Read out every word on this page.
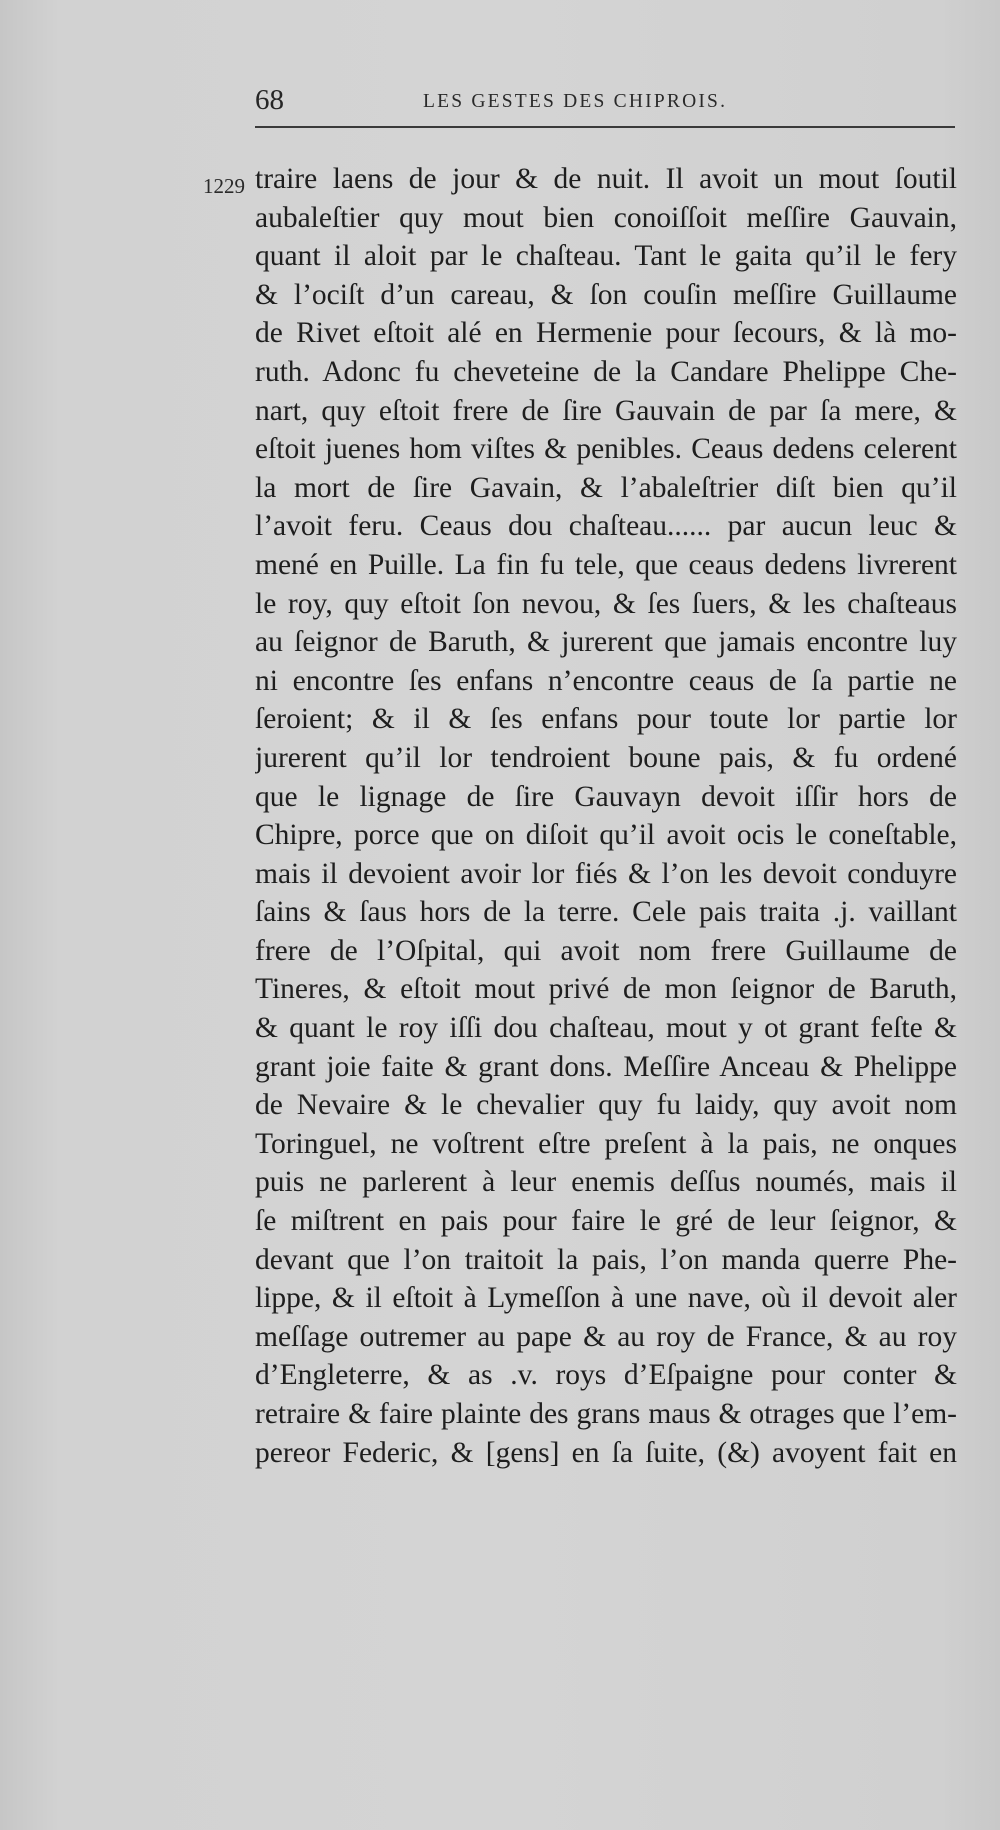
68	LES GESTES DES CHIPROIS.
1229 traire laens de jour & de nuit. Il avoit un mout ſoutil
aubaleſtier quy mout bien conoiſſoit meſſire Gauvain,
quant il aloit par le chaſteau. Tant le gaita qu’il le fery
& l’ociſt d’un careau, & ſon couſin meſſire Guillaume
de Rivet eſtoit alé en Hermenie pour ſecours, & là mo-
ruth. Adonc fu cheveteine de la Candare Phelippe Che-
nart, quy eſtoit frere de ſire Gauvain de par ſa mere, &
eſtoit juenes hom viſtes & penibles. Ceaus dedens celerent
la mort de ſire Gavain, & l’abaleſtrier diſt bien qu’il
l’avoit feru. Ceaus dou chaſteau...... par aucun leuc &
mené en Puille. La fin fu tele, que ceaus dedens livrerent
le roy, quy eſtoit ſon nevou, & ſes ſuers, & les chaſteaus
au ſeignor de Baruth, & jurerent que jamais encontre luy
ni encontre ſes enfans n’encontre ceaus de ſa partie ne
ſeroient; & il & ſes enfans pour toute lor partie lor
jurerent qu’il lor tendroient boune pais, & fu ordené
que le lignage de ſire Gauvayn devoit iſſir hors de
Chipre, porce que on diſoit qu’il avoit ocis le coneſtable,
mais il devoient avoir lor fiés & l’on les devoit conduyre
ſains & ſaus hors de la terre. Cele pais traita .j. vaillant
frere de l’Oſpital, qui avoit nom frere Guillaume de
Tineres, & eſtoit mout privé de mon ſeignor de Baruth,
& quant le roy iſſi dou chaſteau, mout y ot grant feſte &
grant joie faite & grant dons. Meſſire Anceau & Phelippe
de Nevaire & le chevalier quy fu laidy, quy avoit nom
Toringuel, ne voſtrent eſtre preſent à la pais, ne onques
puis ne parlerent à leur enemis deſſus noumés, mais il
ſe miſtrent en pais pour faire le gré de leur ſeignor, &
devant que l’on traitoit la pais, l’on manda querre Phe-
lippe, & il eſtoit à Lymeſſon à une nave, où il devoit aler
meſſage outremer au pape & au roy de France, & au roy
d’Engleterre, & as .v. roys d’Eſpaigne pour conter &
retraire & faire plainte des grans maus & otrages que l’em-
pereor Federic, & [gens] en ſa ſuite, (&) avoyent fait en
